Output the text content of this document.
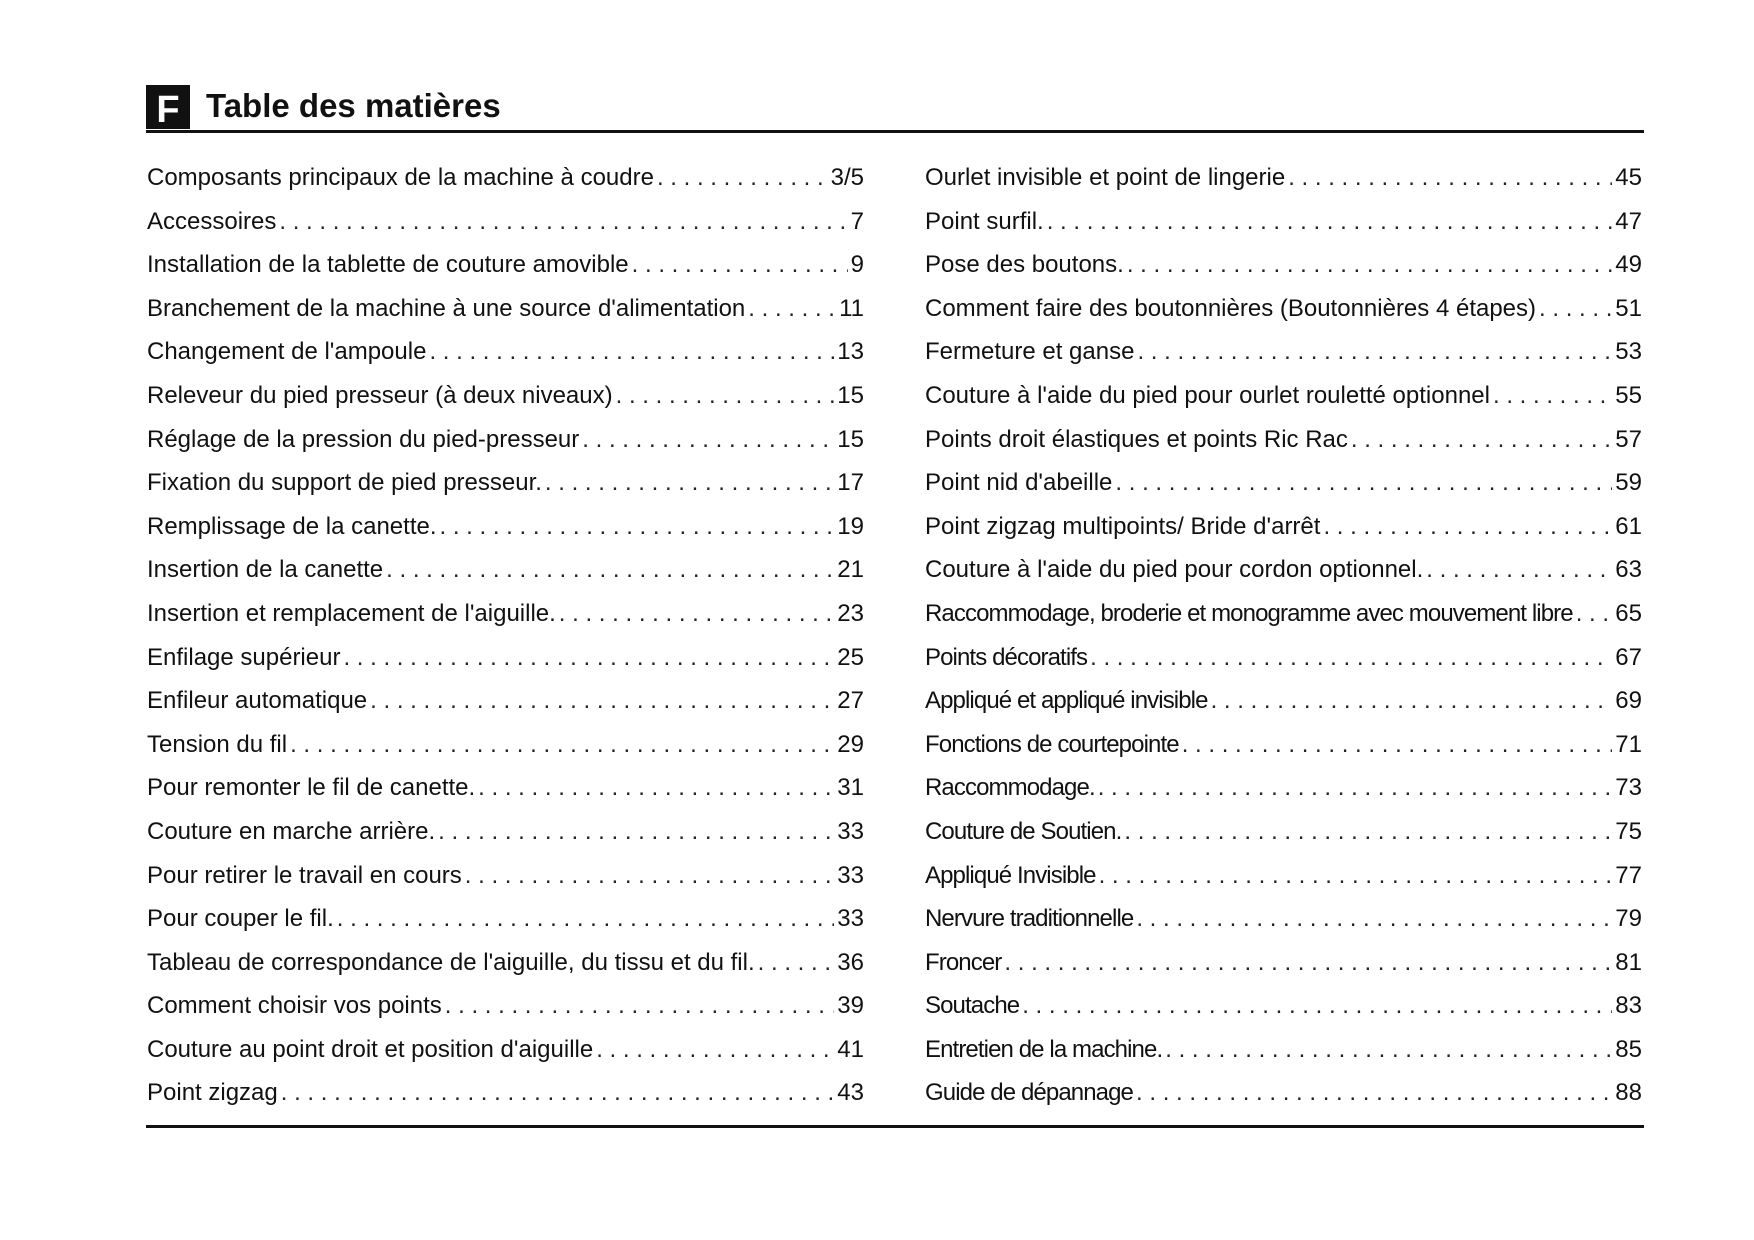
F Table des matières
Composants principaux de la machine à coudre . . .	3/5
Accessoires . . .	7
Installation de la tablette de couture amovible . . .	9
Branchement de la machine à une source d'alimentation . . .	11
Changement de l'ampoule . . .	13
Releveur du pied presseur (à deux niveaux) . . .	15
Réglage de la pression du pied-presseur . . .	15
Fixation du support de pied presseur. . . .	17
Remplissage de la canette. . . .	19
Insertion de la canette . . .	21
Insertion et remplacement de l'aiguille. . . .	23
Enfilage supérieur . . .	25
Enfileur automatique . . .	27
Tension du fil . . .	29
Pour remonter le fil de canette. . . .	31
Couture en marche arrière. . . .	33
Pour retirer le travail en cours . . .	33
Pour couper le fil. . . .	33
Tableau de correspondance de l'aiguille, du tissu et du fil. . . .	36
Comment choisir vos points . . .	39
Couture au point droit et position d'aiguille . . .	41
Point zigzag . . .	43
Ourlet invisible et point de lingerie . . .	45
Point surfil. . . .	47
Pose des boutons. . . .	49
Comment faire des boutonnières (Boutonnières 4 étapes) . . .	51
Fermeture et ganse . . .	53
Couture à l'aide du pied pour ourlet rouletté optionnel . . .	55
Points droit élastiques et points Ric Rac . . .	57
Point nid d'abeille . . .	59
Point zigzag multipoints/ Bride d'arrêt . . .	61
Couture à l'aide du pied pour cordon optionnel. . . .	63
Raccommodage, broderie et monogramme avec mouvement libre . . . 65
Points décoratifs . . .	67
Appliqué et appliqué invisible . . .	69
Fonctions de courtepointe . . .	71
Raccommodage. . . .	73
Couture de Soutien. . . .	75
Appliqué Invisible . . .	77
Nervure traditionnelle . . .	79
Froncer . . .	81
Soutache . . .	83
Entretien de la machine. . . .	85
Guide de dépannage . . .	88
